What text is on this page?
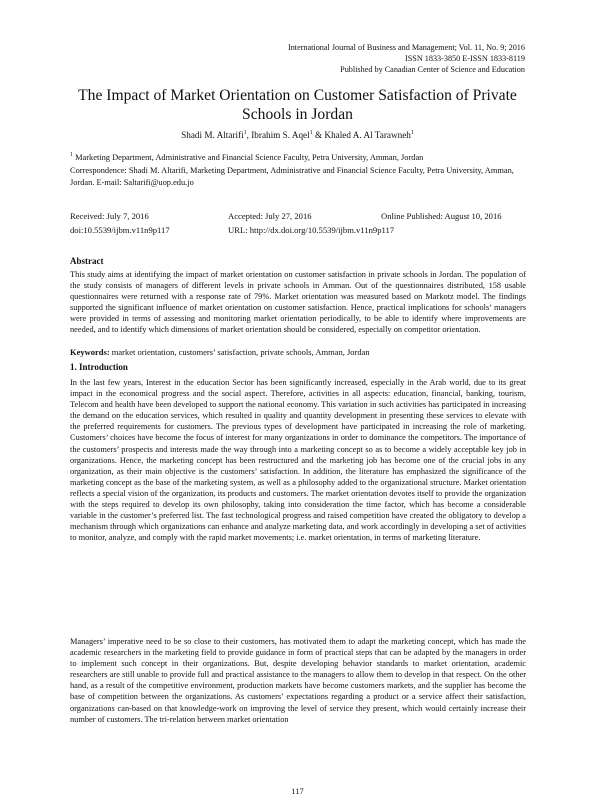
International Journal of Business and Management; Vol. 11, No. 9; 2016
ISSN 1833-3850 E-ISSN 1833-8119
Published by Canadian Center of Science and Education
The Impact of Market Orientation on Customer Satisfaction of Private Schools in Jordan
Shadi M. Altarifi$^1$, Ibrahim S. Aqel$^1$ & Khaled A. Al Tarawneh$^1$
$^1$ Marketing Department, Administrative and Financial Science Faculty, Petra University, Amman, Jordan
Correspondence: Shadi M. Altarifi, Marketing Department, Administrative and Financial Science Faculty, Petra University, Amman, Jordan. E-mail: Saltarifi@uop.edu.jo
Received: July 7, 2016	Accepted: July 27, 2016	Online Published: August 10, 2016
doi:10.5539/ijbm.v11n9p117	URL: http://dx.doi.org/10.5539/ijbm.v11n9p117
Abstract
This study aims at identifying the impact of market orientation on customer satisfaction in private schools in Jordan. The population of the study consists of managers of different levels in private schools in Amman. Out of the questionnaires distributed, 158 usable questionnaires were returned with a response rate of 79%. Market orientation was measured based on Markotz model. The findings supported the significant influence of market orientation on customer satisfaction. Hence, practical implications for schools’ managers were provided in terms of assessing and monitoring market orientation periodically, to be able to identify where improvements are needed, and to identify which dimensions of market orientation should be considered, especially on competitor orientation.
Keywords: market orientation, customers’ satisfaction, private schools, Amman, Jordan
1. Introduction
In the last few years, Interest in the education Sector has been significantly increased, especially in the Arab world, due to its great impact in the economical progress and the social aspect. Therefore, activities in all aspects: education, financial, banking, tourism, Telecom and health have been developed to support the national economy. This variation in such activities has participated in increasing the demand on the education services, which resulted in quality and quantity development in presenting these services to elevate with the preferred requirements for customers. The previous types of development have participated in increasing the role of marketing. Customers’ choices have become the focus of interest for many organizations in order to dominance the competitors. The importance of the customers’ prospects and interests made the way through into a marketing concept so as to become a widely acceptable key job in organizations. Hence, the marketing concept has been restructured and the marketing job has become one of the crucial jobs in any organization, as their main objective is the customers’ satisfaction. In addition, the literature has emphasized the significance of the marketing concept as the base of the marketing system, as well as a philosophy added to the organizational structure. Market orientation reflects a special vision of the organization, its products and customers. The market orientation devotes itself to provide the organization with the steps required to develop its own philosophy, taking into consideration the time factor, which has become a considerable variable in the customer’s preferred list. The fast technological progress and raised competition have created the obligatory to develop a mechanism through which organizations can enhance and analyze marketing data, and work accordingly in developing a set of activities to monitor, analyze, and comply with the rapid market movements; i.e. market orientation, in terms of marketing literature.
Managers’ imperative need to be so close to their customers, has motivated them to adapt the marketing concept, which has made the academic researchers in the marketing field to provide guidance in form of practical steps that can be adapted by the managers in order to implement such concept in their organizations. But, despite developing behavior standards to market orientation, academic researchers are still unable to provide full and practical assistance to the managers to allow them to develop in that respect. On the other hand, as a result of the competitive environment, production markets have become customers markets, and the supplier has become the base of competition between the organizations. As customers’ expectations regarding a product or a service affect their satisfaction, organizations can-based on that knowledge-work on improving the level of service they present, which would certainly increase their number of customers. The tri-relation between market orientation
117
